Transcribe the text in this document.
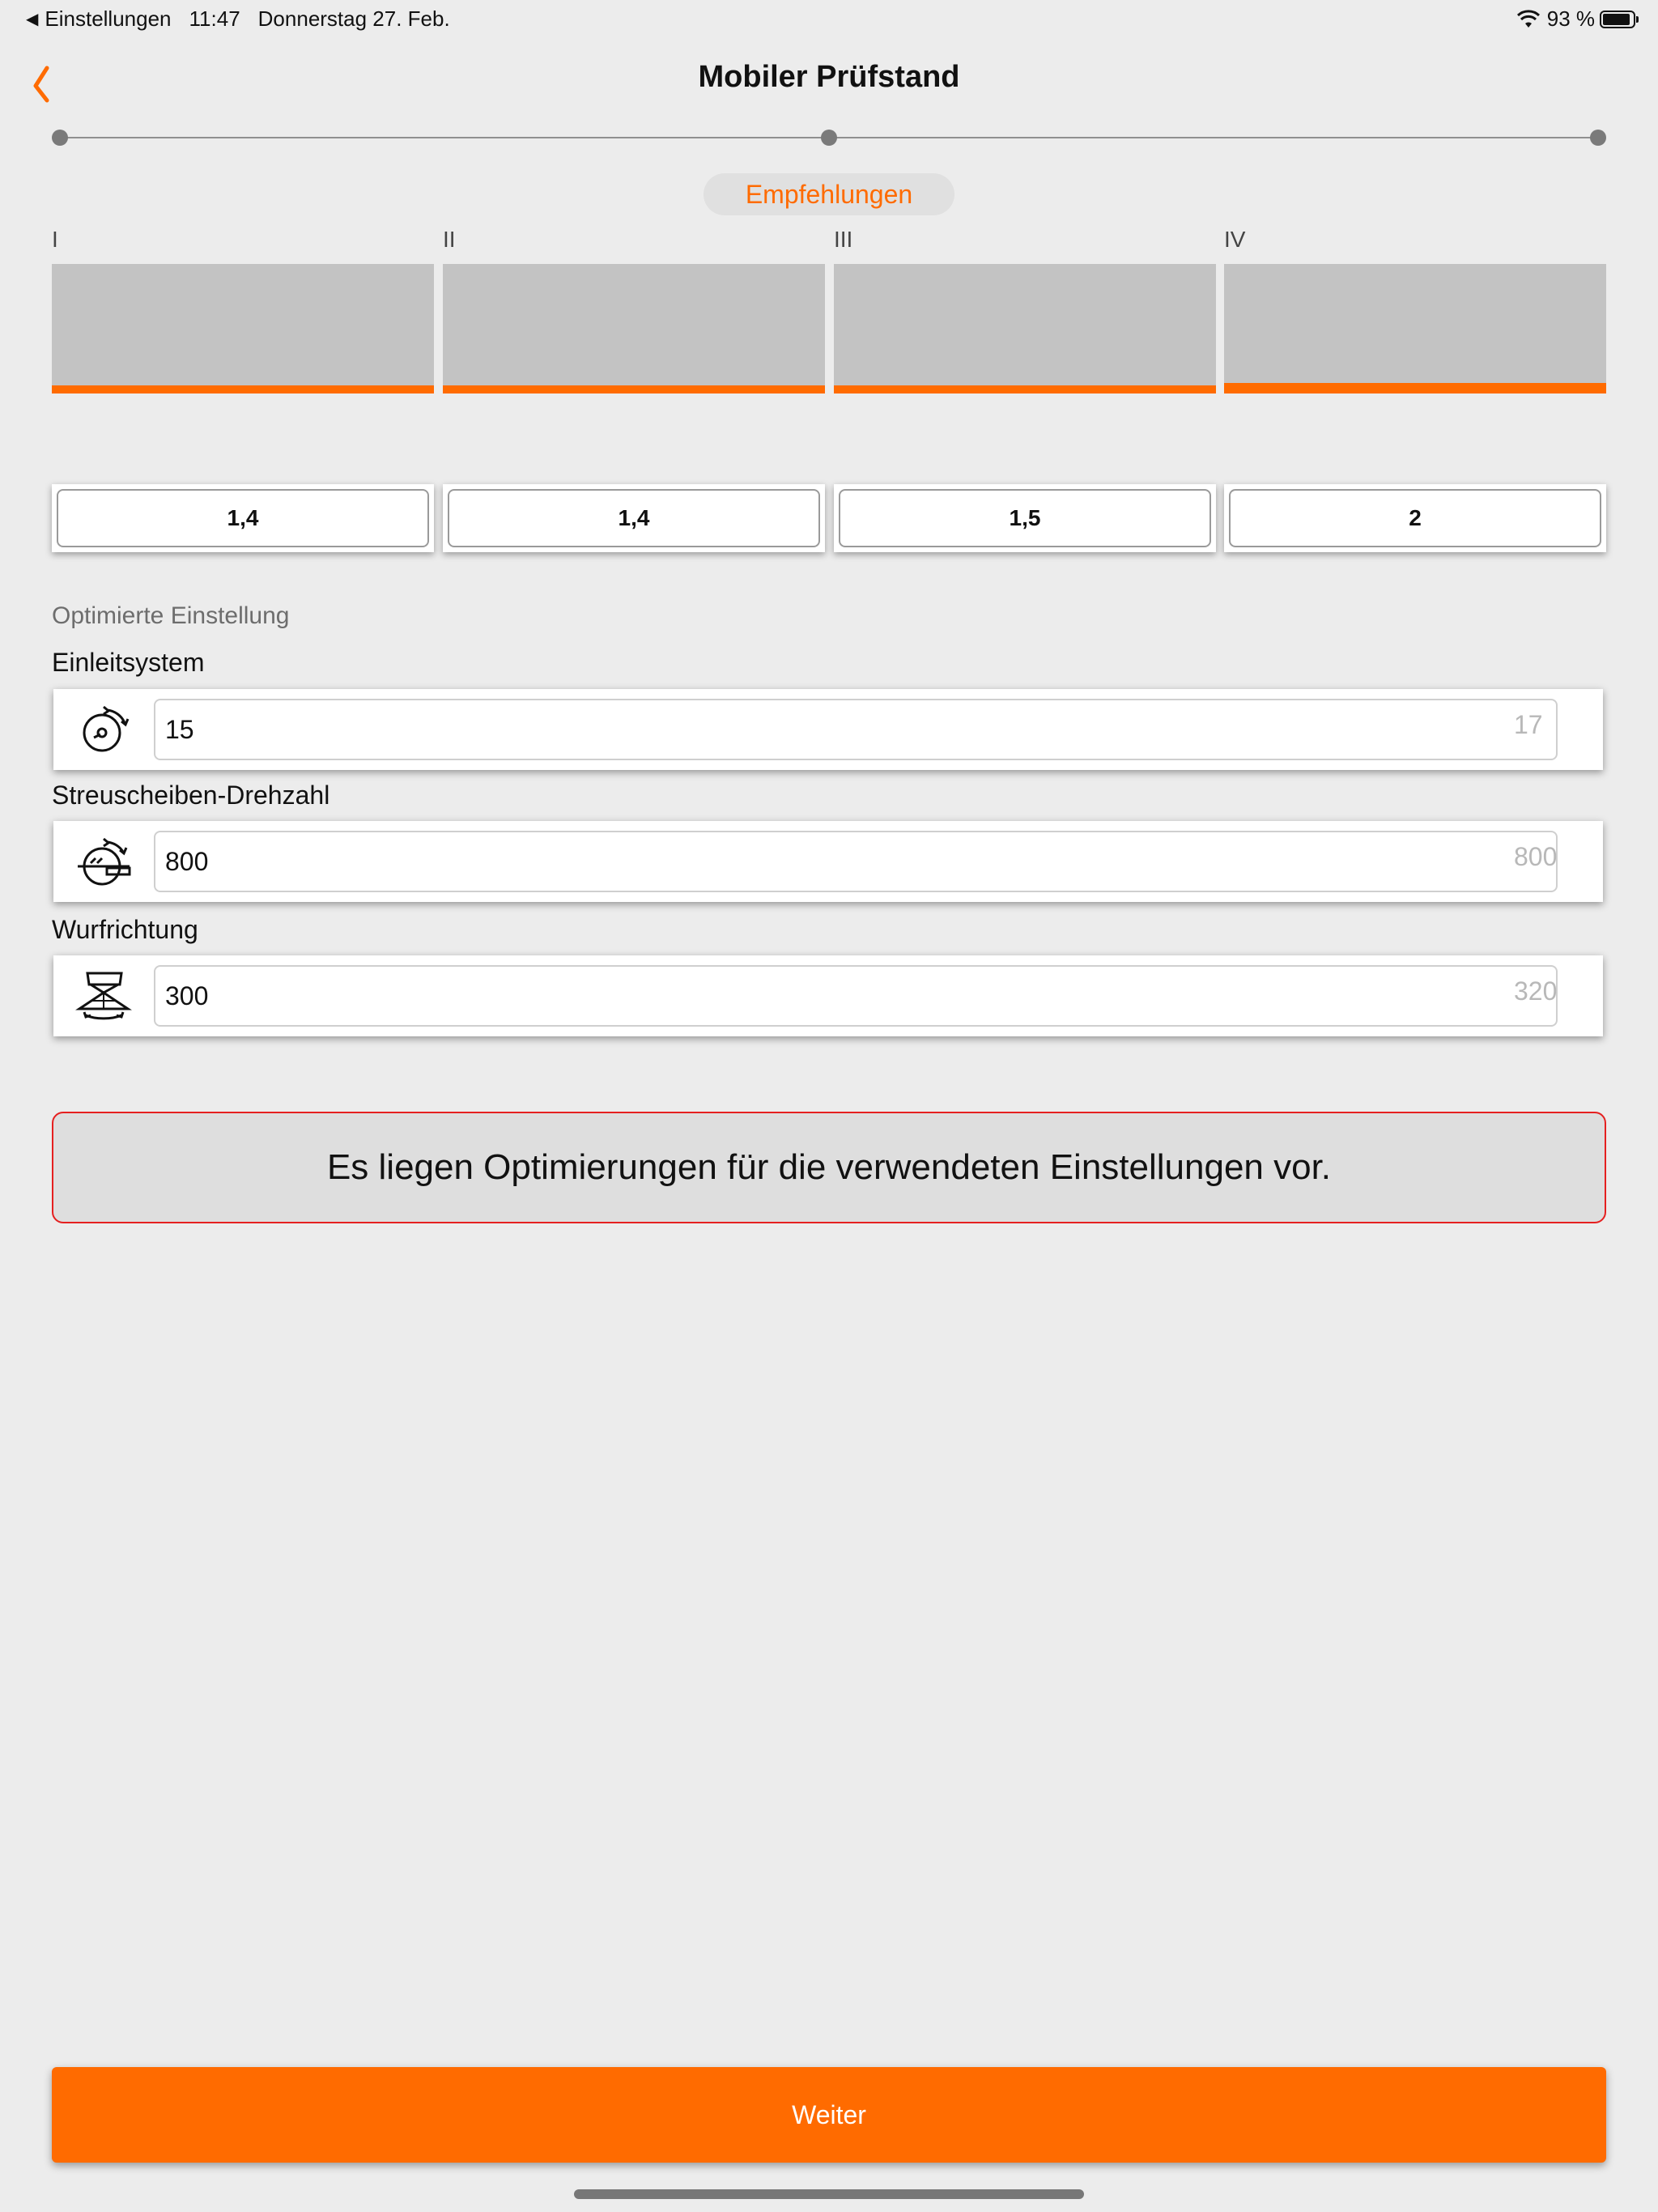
◀ Einstellungen 11:47 Donnerstag 27. Feb.	93 %
Mobiler Prüfstand
Empfehlungen
I	II	III	IV
1,4	1,4	1,5	2
Optimierte Einstellung
Einleitsystem
15	17
Streuscheiben-Drehzahl
800	800
Wurfrichtung
300	320
Es liegen Optimierungen für die verwendeten Einstellungen vor.
Weiter
